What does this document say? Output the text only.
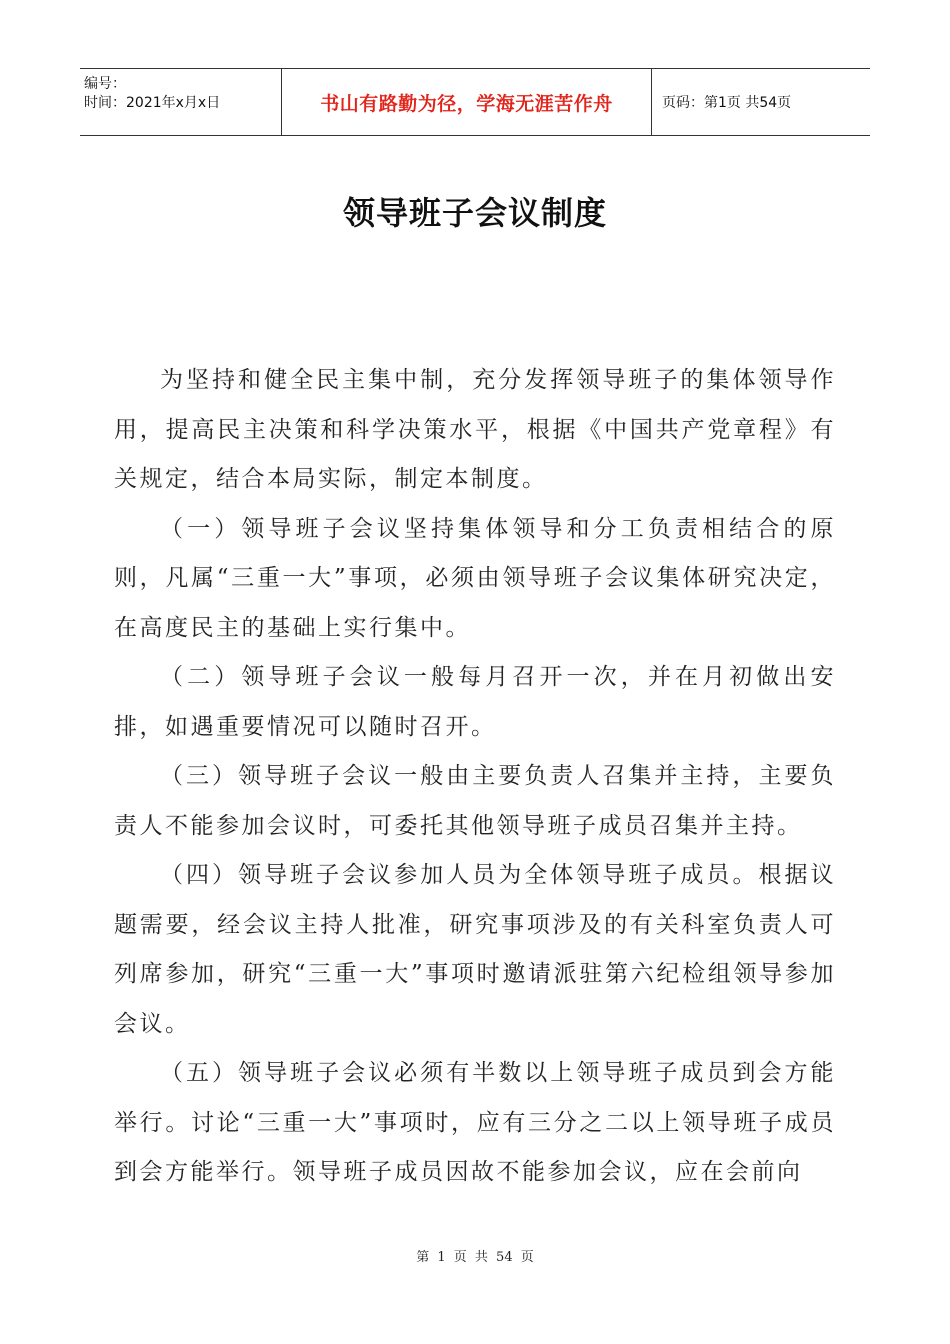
编号：
时间：2021年x月x日	书山有路勤为径，学海无涯苦作舟	页码：第1页 共54页
领导班子会议制度

为坚持和健全民主集中制，充分发挥领导班子的集体领导作用，提高民主决策和科学决策水平，根据《中国共产党章程》有关规定，结合本局实际，制定本制度。

（一）领导班子会议坚持集体领导和分工负责相结合的原则，凡属“三重一大”事项，必须由领导班子会议集体研究决定，在高度民主的基础上实行集中。

（二）领导班子会议一般每月召开一次，并在月初做出安排，如遇重要情况可以随时召开。

（三）领导班子会议一般由主要负责人召集并主持，主要负责人不能参加会议时，可委托其他领导班子成员召集并主持。

（四）领导班子会议参加人员为全体领导班子成员。根据议题需要，经会议主持人批准，研究事项涉及的有关科室负责人可列席参加，研究“三重一大”事项时邀请派驻第六纪检组领导参加会议。

（五）领导班子会议必须有半数以上领导班子成员到会方能举行。讨论“三重一大”事项时，应有三分之二以上领导班子成员到会方能举行。领导班子成员因故不能参加会议，应在会前向

第 1 页 共 54 页
